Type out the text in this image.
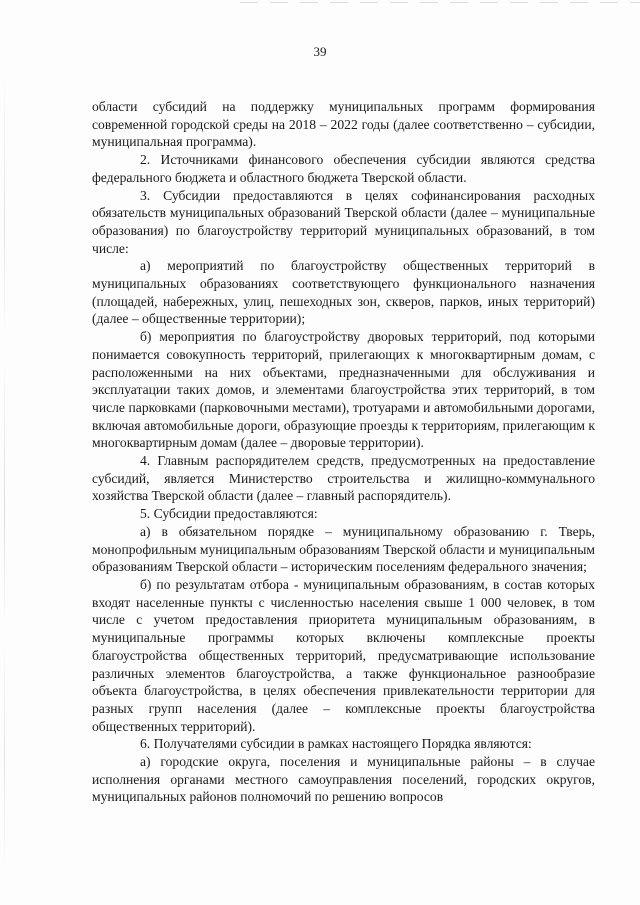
39

области субсидий на поддержку муниципальных программ формирования современной городской среды на 2018 – 2022 годы (далее соответственно – субсидии, муниципальная программа).

2. Источниками финансового обеспечения субсидии являются средства федерального бюджета и областного бюджета Тверской области.

3. Субсидии предоставляются в целях софинансирования расходных обязательств муниципальных образований Тверской области (далее – муниципальные образования) по благоустройству территорий муниципальных образований, в том числе:

а) мероприятий по благоустройству общественных территорий в муниципальных образованиях соответствующего функционального назначения (площадей, набережных, улиц, пешеходных зон, скверов, парков, иных территорий) (далее – общественные территории);

б) мероприятия по благоустройству дворовых территорий, под которыми понимается совокупность территорий, прилегающих к многоквартирным домам, с расположенными на них объектами, предназначенными для обслуживания и эксплуатации таких домов, и элементами благоустройства этих территорий, в том числе парковками (парковочными местами), тротуарами и автомобильными дорогами, включая автомобильные дороги, образующие проезды к территориям, прилегающим к многоквартирным домам (далее – дворовые территории).

4. Главным распорядителем средств, предусмотренных на предоставление субсидий, является Министерство строительства и жилищно-коммунального хозяйства Тверской области (далее – главный распорядитель).

5. Субсидии предоставляются:

а) в обязательном порядке – муниципальному образованию г. Тверь, монопрофильным муниципальным образованиям Тверской области и муниципальным образованиям Тверской области – историческим поселениям федерального значения;

б) по результатам отбора - муниципальным образованиям, в состав которых входят населенные пункты с численностью населения свыше 1 000 человек, в том числе с учетом предоставления приоритета муниципальным образованиям, в муниципальные программы которых включены комплексные проекты благоустройства общественных территорий, предусматривающие использование различных элементов благоустройства, а также функциональное разнообразие объекта благоустройства, в целях обеспечения привлекательности территории для разных групп населения (далее – комплексные проекты благоустройства общественных территорий).

6. Получателями субсидии в рамках настоящего Порядка являются:

а) городские округа, поселения и муниципальные районы – в случае исполнения органами местного самоуправления поселений, городских округов, муниципальных районов полномочий по решению вопросов
